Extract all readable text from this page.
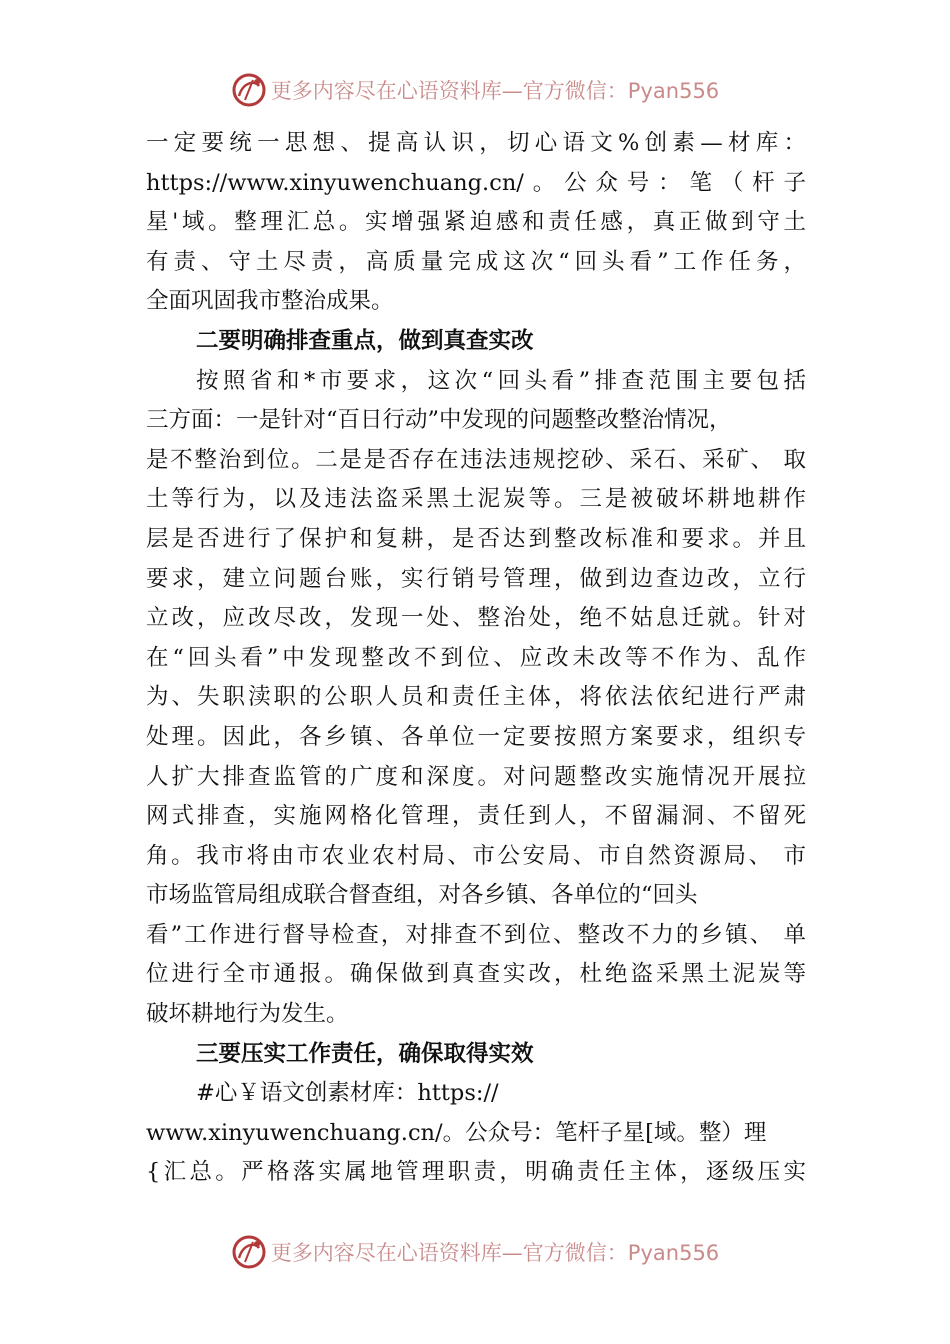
更多内容尽在心语资料库—官方微信：Pyan556
一定要统一思想、提高认识，切心语文%创素—材库：
https://www.xinyuwenchuang.cn/。公众号：笔（杆子
星'域。整理汇总。实增强紧迫感和责任感，真正做到守土
有责、守土尽责，高质量完成这次“回头看”工作任务，
全面巩固我市整治成果。
二要明确排查重点，做到真查实改
按照省和*市要求，这次“回头看”排查范围主要包括
三方面：一是针对“百日行动”中发现的问题整改整治情况，
是不整治到位。二是是否存在违法违规挖砂、采石、采矿、 取
土等行为，以及违法盗采黑土泥炭等。三是被破坏耕地耕作
层是否进行了保护和复耕，是否达到整改标准和要求。并且
要求，建立问题台账，实行销号管理，做到边查边改，立行
立改，应改尽改，发现一处、整治处，绝不姑息迁就。针对
在“回头看”中发现整改不到位、应改未改等不作为、乱作
为、失职渎职的公职人员和责任主体，将依法依纪进行严肃
处理。因此，各乡镇、各单位一定要按照方案要求，组织专
人扩大排查监管的广度和深度。对问题整改实施情况开展拉
网式排查，实施网格化管理，责任到人，不留漏洞、不留死
角。我市将由市农业农村局、市公安局、市自然资源局、 市
市场监管局组成联合督查组，对各乡镇、各单位的“回头
看”工作进行督导检查，对排查不到位、整改不力的乡镇、 单
位进行全市通报。确保做到真查实改，杜绝盗采黑土泥炭等
破坏耕地行为发生。
三要压实工作责任，确保取得实效
#心￥语文创素材库：https://
www.xinyuwenchuang.cn/。公众号：笔杆子星[域。整）理
{汇总。严格落实属地管理职责，明确责任主体，逐级压实
更多内容尽在心语资料库—官方微信：Pyan556
